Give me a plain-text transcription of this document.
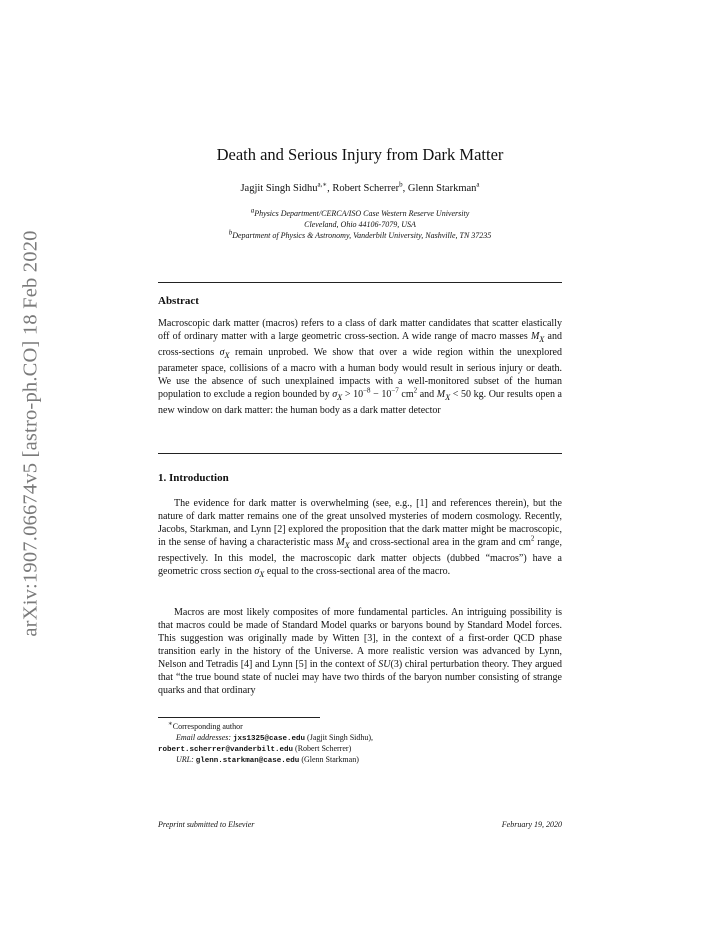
arXiv:1907.06674v5 [astro-ph.CO] 18 Feb 2020
Death and Serious Injury from Dark Matter
Jagjit Singh Sidhu$^{a,∗}$, Robert Scherrer$^b$, Glenn Starkman$^a$
$^a$Physics Department/CERCA/ISO Case Western Reserve University
Cleveland, Ohio 44106-7079, USA
$^b$Department of Physics & Astronomy, Vanderbilt University, Nashville, TN 37235
Abstract

Macroscopic dark matter (macros) refers to a class of dark matter candidates that scatter elastically off of ordinary matter with a large geometric cross-section. A wide range of macro masses $M_X$ and cross-sections $\sigma_X$ remain unprobed. We show that over a wide region within the unexplored parameter space, collisions of a macro with a human body would result in serious injury or death. We use the absence of such unexplained impacts with a well-monitored subset of the human population to exclude a region bounded by $\sigma_X > 10^{-8} - 10^{-7}$ $cm^2$ and $M_X < 50$ kg. Our results open a new window on dark matter: the human body as a dark matter detector

1. Introduction

The evidence for dark matter is overwhelming (see, e.g., [1] and references therein), but the nature of dark matter remains one of the great unsolved mysteries of modern cosmology. Recently, Jacobs, Starkman, and Lynn [2] explored the proposition that the dark matter might be macroscopic, in the sense of having a characteristic mass $M_X$ and cross-sectional area in the gram and $cm^2$ range, respectively. In this model, the macroscopic dark matter objects (dubbed “macros”) have a geometric cross section $\sigma_X$ equal to the cross-sectional area of the macro.

Macros are most likely composites of more fundamental particles. An intriguing possibility is that macros could be made of Standard Model quarks or baryons bound by Standard Model forces. This suggestion was originally made by Witten [3], in the context of a first-order QCD phase transition early in the history of the Universe. A more realistic version was advanced by Lynn, Nelson and Tetradis [4] and Lynn [5] in the context of SU(3) chiral perturbation theory. They argued that “the true bound state of nuclei may have two thirds of the baryon number consisting of strange quarks and that ordinary

∗Corresponding author
Email addresses: jxs1325@case.edu (Jagjit Singh Sidhu),
robert.scherrer@vanderbilt.edu (Robert Scherrer)
URL: glenn.starkman@case.edu (Glenn Starkman)
Preprint submitted to Elsevier	February 19, 2020
